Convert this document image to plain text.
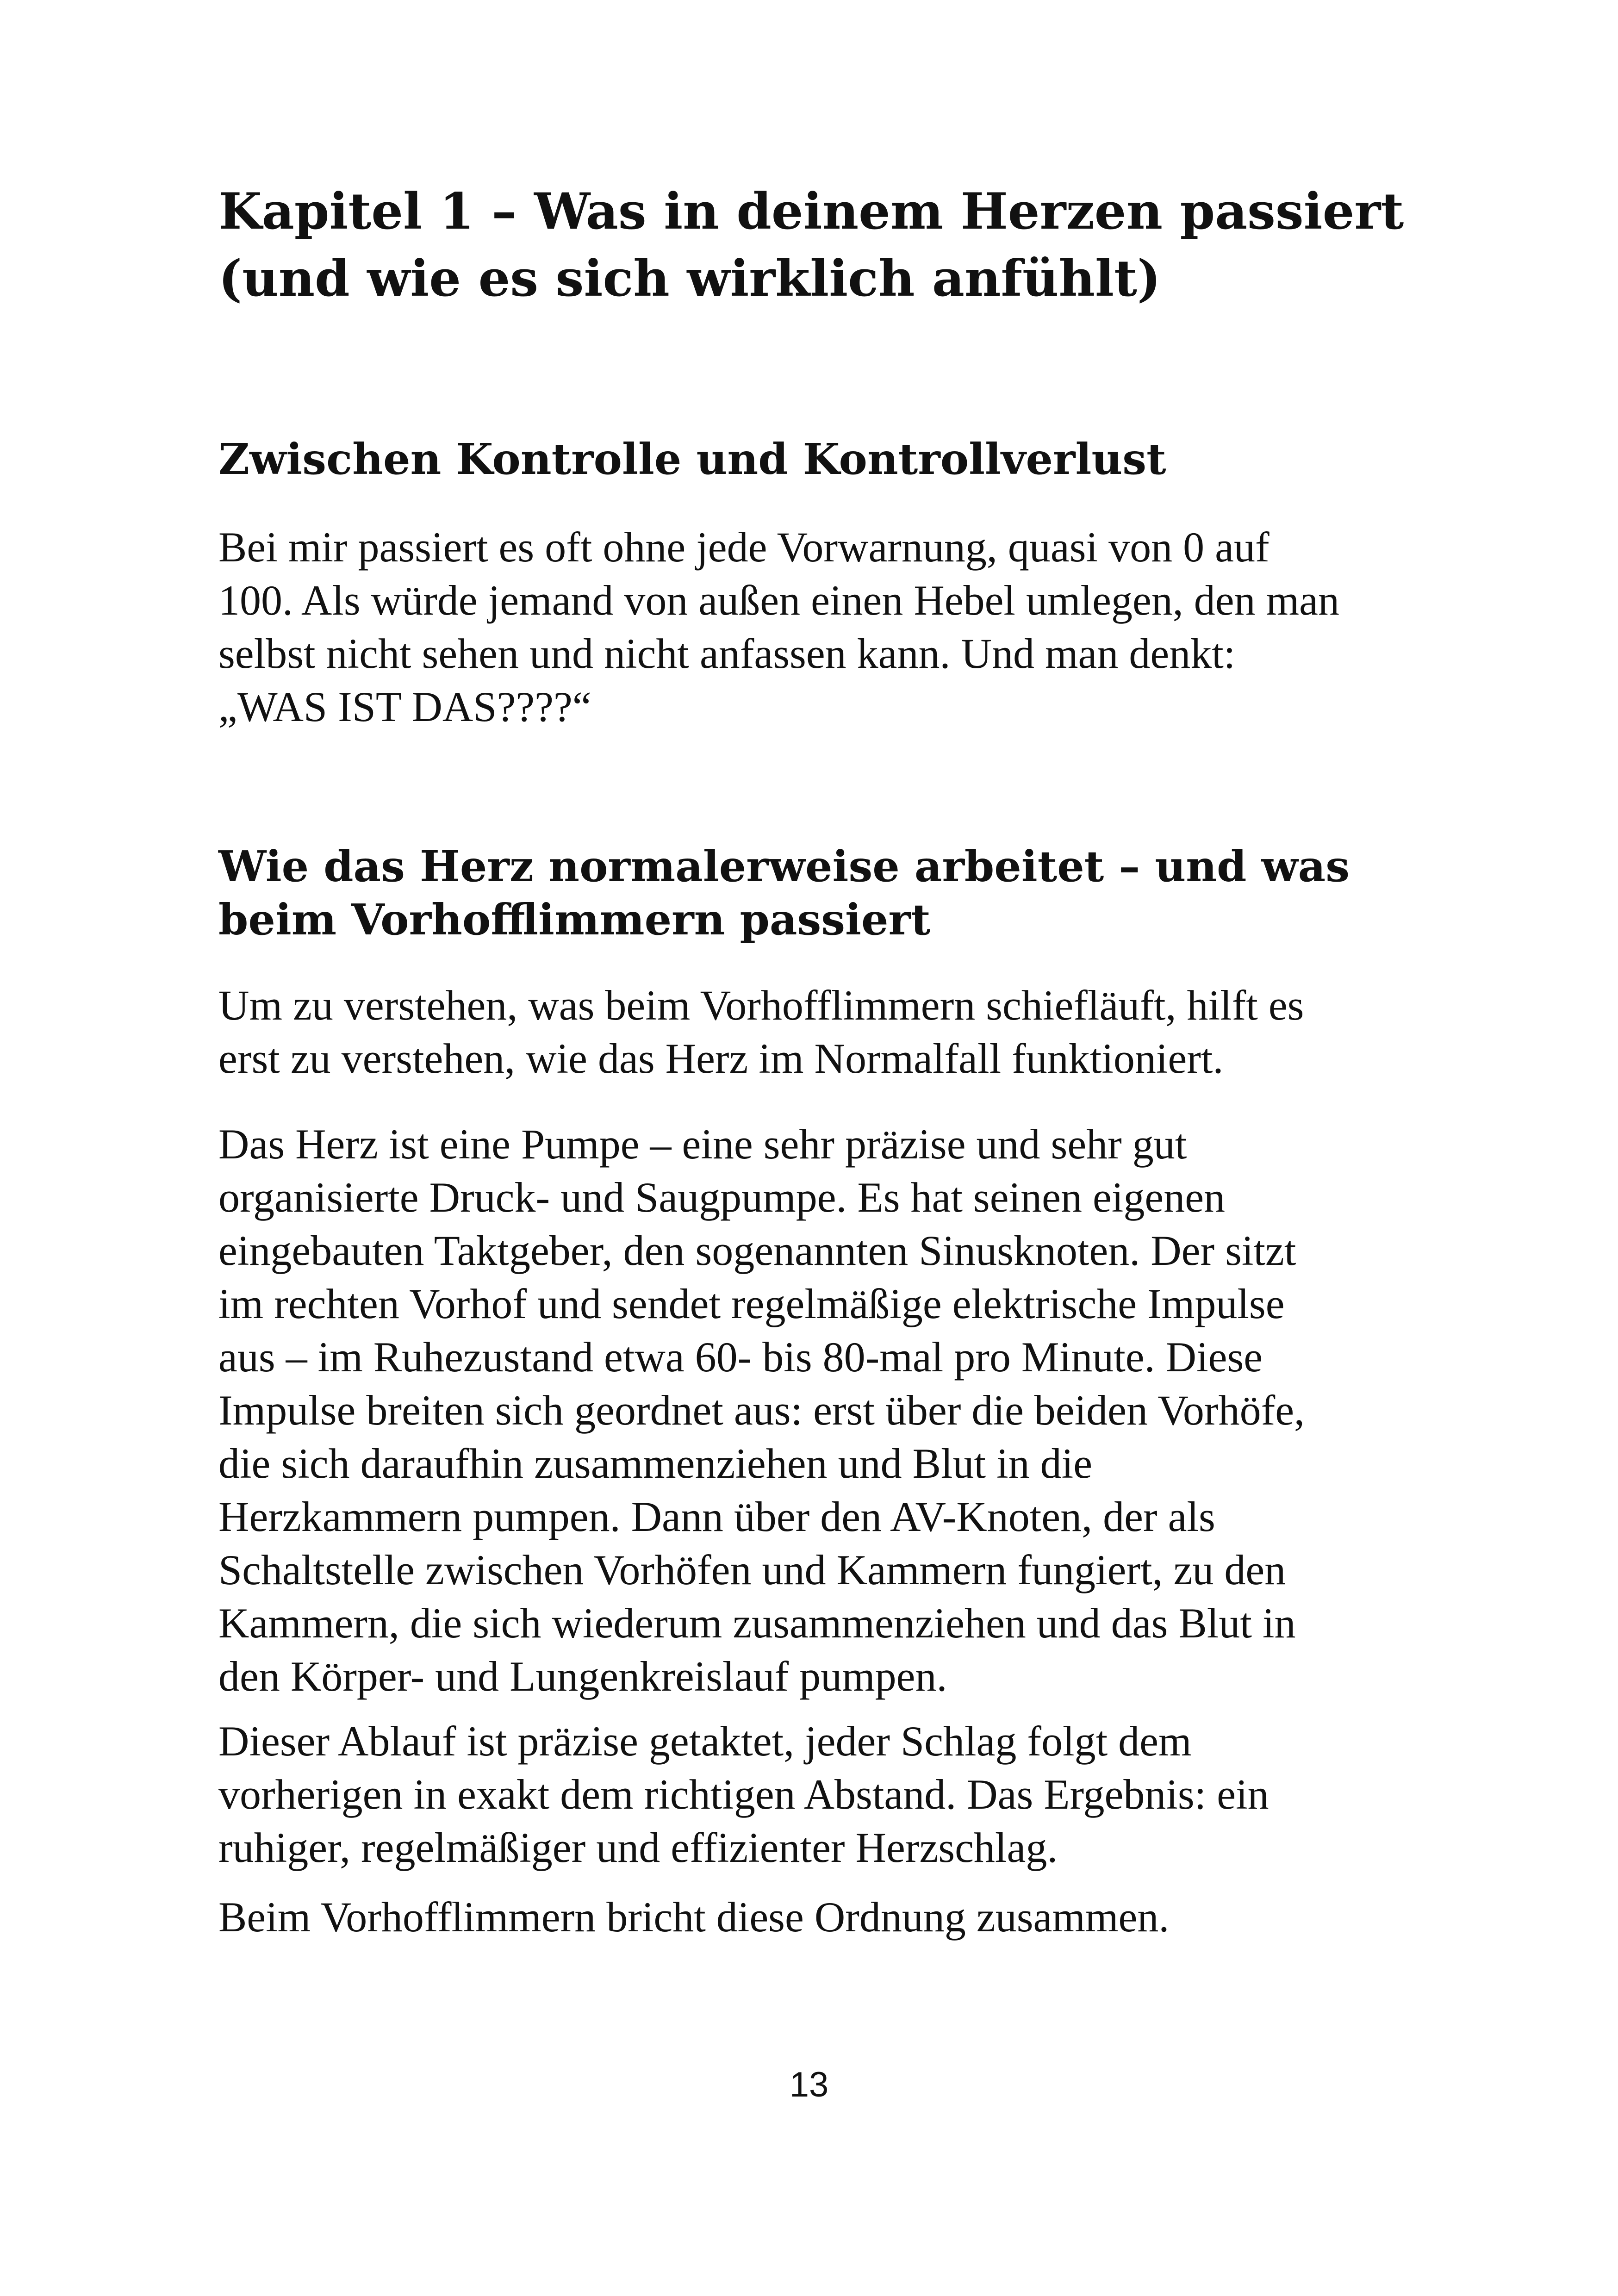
Kapitel 1 – Was in deinem Herzen passiert
(und wie es sich wirklich anfühlt)
Zwischen Kontrolle und Kontrollverlust

Bei mir passiert es oft ohne jede Vorwarnung, quasi von 0 auf
100. Als würde jemand von außen einen Hebel umlegen, den man
selbst nicht sehen und nicht anfassen kann. Und man denkt:
„WAS IST DAS????“

Wie das Herz normalerweise arbeitet – und was
beim Vorhofflimmern passiert

Um zu verstehen, was beim Vorhofflimmern schiefläuft, hilft es
erst zu verstehen, wie das Herz im Normalfall funktioniert.

Das Herz ist eine Pumpe – eine sehr präzise und sehr gut
organisierte Druck- und Saugpumpe. Es hat seinen eigenen
eingebauten Taktgeber, den sogenannten Sinusknoten. Der sitzt
im rechten Vorhof und sendet regelmäßige elektrische Impulse
aus – im Ruhezustand etwa 60- bis 80-mal pro Minute. Diese
Impulse breiten sich geordnet aus: erst über die beiden Vorhöfe,
die sich daraufhin zusammenziehen und Blut in die
Herzkammern pumpen. Dann über den AV-Knoten, der als
Schaltstelle zwischen Vorhöfen und Kammern fungiert, zu den
Kammern, die sich wiederum zusammenziehen und das Blut in
den Körper- und Lungenkreislauf pumpen.

Dieser Ablauf ist präzise getaktet, jeder Schlag folgt dem
vorherigen in exakt dem richtigen Abstand. Das Ergebnis: ein
ruhiger, regelmäßiger und effizienter Herzschlag.

Beim Vorhofflimmern bricht diese Ordnung zusammen.

13
